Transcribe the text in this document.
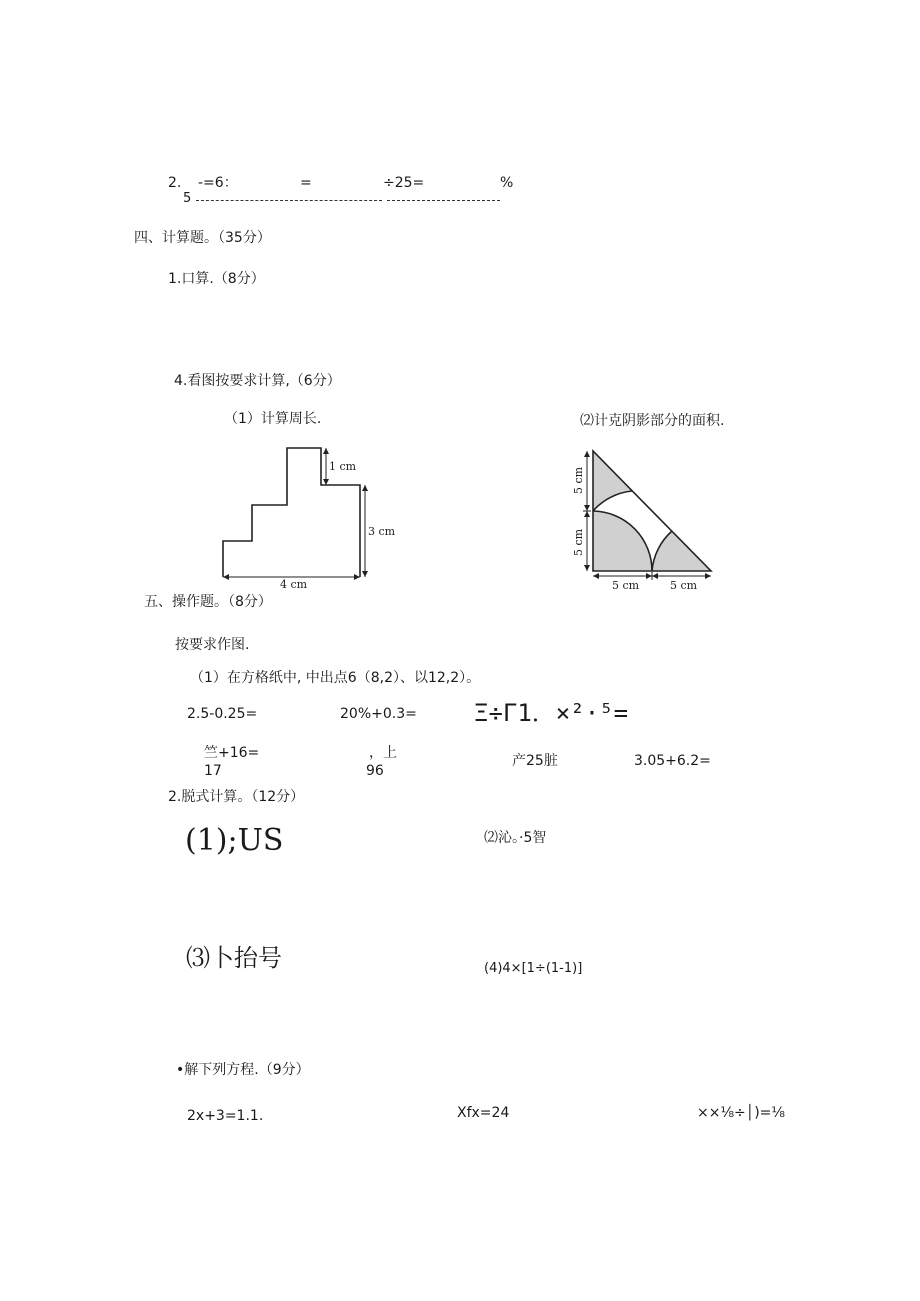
2.
5
-=6：	=	÷25=	%
四、计算题。（35分）
1.口算.（8分）
4.看图按要求计算,（6分）
（1）计算周长.	⑵计克阴影部分的面积.
1 cm
3 cm
4 cm
5 cm
5 cm
5 cm	5 cm
五、操作题。（8分）
按要求作图.
（1）在方格纸中, 中出点6（8,2）、以12,2）。
2.5-0.25=	20%+0.3= Ξ÷Γ1．×²·⁵=
竺+16=
17
，上
96
产25脏	3.05+6.2=
2.脱式计算。（12分）
(1);US	⑵沁。·5智
⑶卜抬号	(4)4×[1÷(1-1)]
•解下列方程.（9分）
2x+3=1.1.	Xfx=24	××⅛÷│)=⅛
